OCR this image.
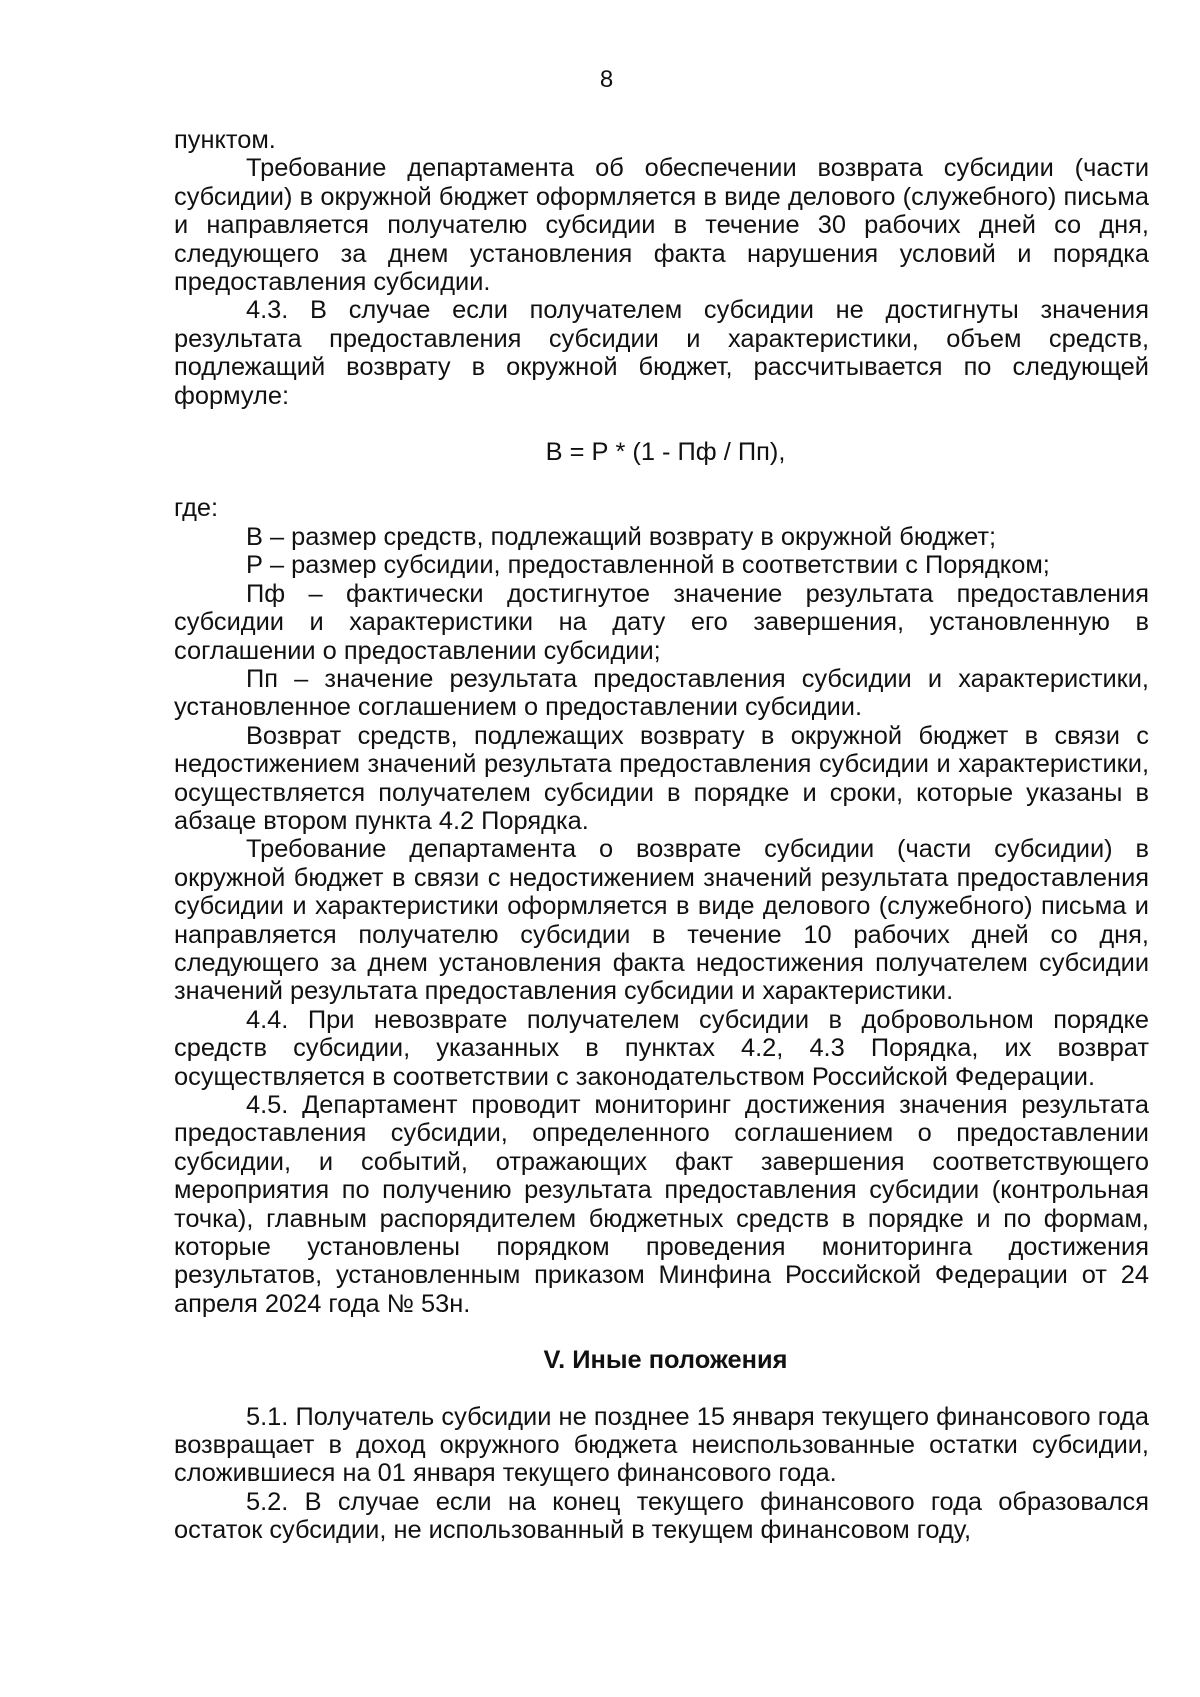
8

пунктом.

Требование департамента об обеспечении возврата субсидии (части субсидии) в окружной бюджет оформляется в виде делового (служебного) письма и направляется получателю субсидии в течение 30 рабочих дней со дня, следующего за днем установления факта нарушения условий и порядка предоставления субсидии.

4.3. В случае если получателем субсидии не достигнуты значения результата предоставления субсидии и характеристики, объем средств, подлежащий возврату в окружной бюджет, рассчитывается по следующей формуле:

В = Р * (1 - Пф / Пп),

где:

В – размер средств, подлежащий возврату в окружной бюджет;

Р – размер субсидии, предоставленной в соответствии с Порядком;

Пф – фактически достигнутое значение результата предоставления субсидии и характеристики на дату его завершения, установленную в соглашении о предоставлении субсидии;

Пп – значение результата предоставления субсидии и характеристики, установленное соглашением о предоставлении субсидии.

Возврат средств, подлежащих возврату в окружной бюджет в связи с недостижением значений результата предоставления субсидии и характеристики, осуществляется получателем субсидии в порядке и сроки, которые указаны в абзаце втором пункта 4.2 Порядка.

Требование департамента о возврате субсидии (части субсидии) в окружной бюджет в связи с недостижением значений результата предоставления субсидии и характеристики оформляется в виде делового (служебного) письма и направляется получателю субсидии в течение 10 рабочих дней со дня, следующего за днем установления факта недостижения получателем субсидии значений результата предоставления субсидии и характеристики.

4.4. При невозврате получателем субсидии в добровольном порядке средств субсидии, указанных в пунктах 4.2, 4.3 Порядка, их возврат осуществляется в соответствии с законодательством Российской Федерации.

4.5. Департамент проводит мониторинг достижения значения результата предоставления субсидии, определенного соглашением о предоставлении субсидии, и событий, отражающих факт завершения соответствующего мероприятия по получению результата предоставления субсидии (контрольная точка), главным распорядителем бюджетных средств в порядке и по формам, которые установлены порядком проведения мониторинга достижения результатов, установленным приказом Минфина Российской Федерации от 24 апреля 2024 года № 53н.

V. Иные положения

5.1. Получатель субсидии не позднее 15 января текущего финансового года возвращает в доход окружного бюджета неиспользованные остатки субсидии, сложившиеся на 01 января текущего финансового года.

5.2. В случае если на конец текущего финансового года образовался остаток субсидии, не использованный в текущем финансовом году,
